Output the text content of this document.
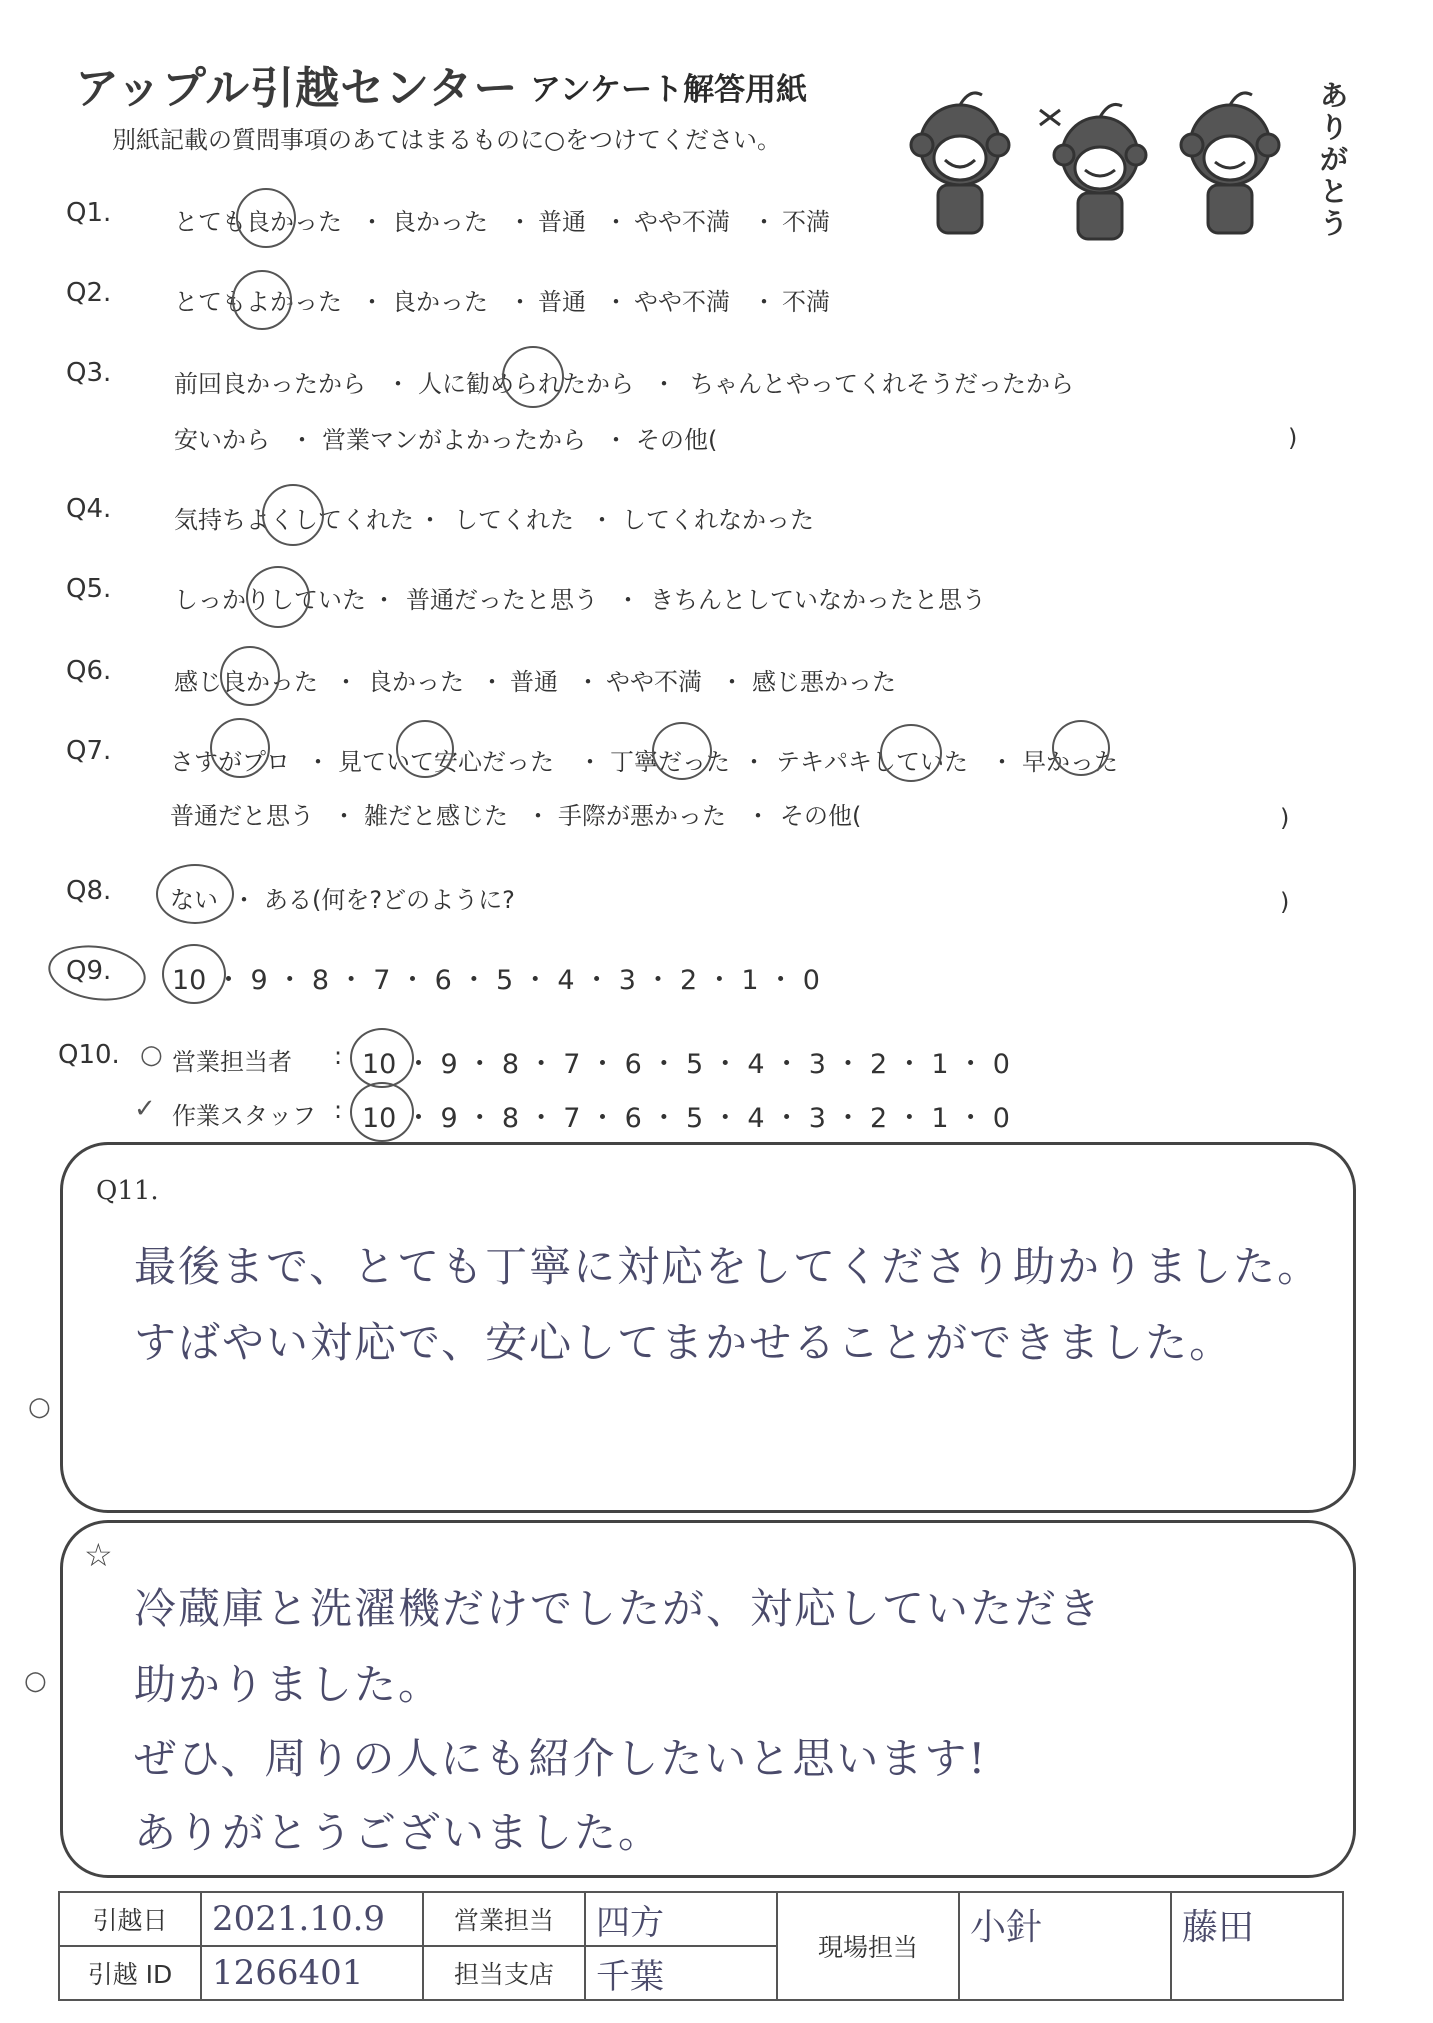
アップル引越センター アンケート解答用紙
別紙記載の質問事項のあてはまるものに○をつけてください。
ありがとう
Q1.	とても良かった ・ 良かった ・ 普通 ・ やや不満 ・ 不満
Q2.	とてもよかった ・ 良かった ・ 普通 ・ やや不満 ・ 不満
Q3.	前回良かったから ・ 人に勧められたから ・ ちゃんとやってくれそうだったから
安いから ・ 営業マンがよかったから ・ その他(	)
Q4.	気持ちよくしてくれた ・ してくれた ・ してくれなかった
Q5.	しっかりしていた ・ 普通だったと思う ・ きちんとしていなかったと思う
Q6.	感じ良かった ・ 良かった ・ 普通 ・ やや不満 ・ 感じ悪かった
Q7. さすがプロ ・ 見ていて安心だった ・ 丁寧だった ・ テキパキしていた ・ 早かった
普通だと思う ・ 雑だと感じた ・ 手際が悪かった ・ その他(	)
Q8. ない ・ ある(何を?どのように?	)
Q9. 10 ・ 9 ・ 8 ・ 7 ・ 6 ・ 5 ・ 4 ・ 3 ・ 2 ・ 1 ・ 0
Q10. ○ 営業担当者 : 10 ・ 9 ・ 8 ・ 7 ・ 6 ・ 5 ・ 4 ・ 3 ・ 2 ・ 1 ・ 0
✓ 作業スタッフ : 10 ・ 9 ・ 8 ・ 7 ・ 6 ・ 5 ・ 4 ・ 3 ・ 2 ・ 1 ・ 0
Q11.
最後まで、とても丁寧に対応をしてくださり助かりました。
すばやい対応で、安心してまかせることができました。
○
☆
冷蔵庫と洗濯機だけでしたが、対応していただき
助かりました。
ぜひ、周りの人にも紹介したいと思います!
ありがとうございました。
○
引越日	2021.10.9	営業担当	四方	現場担当	小針	藤田
引越 ID	1266401	担当支店	千葉			
